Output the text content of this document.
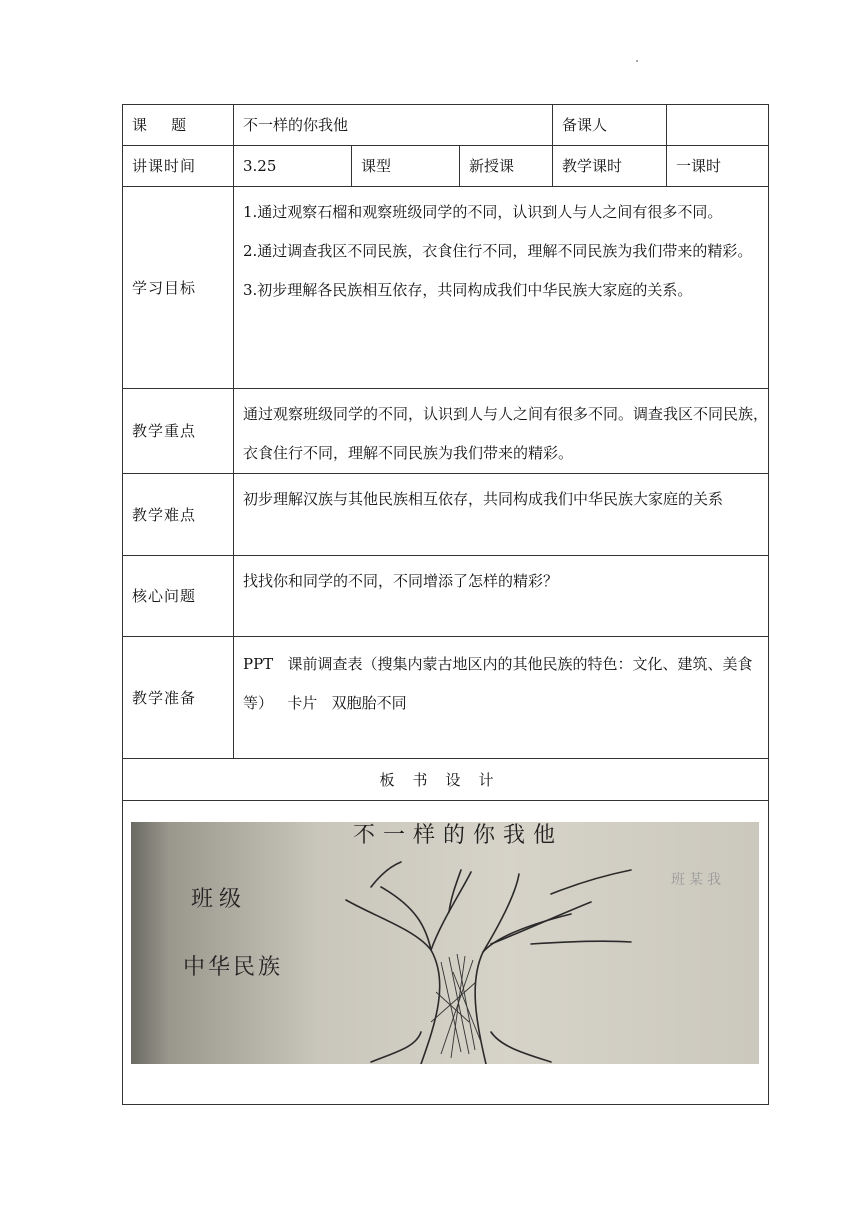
课    题	不一样的你我他			备课人	
讲课时间	3.25	课型	新授课	教学课时	一课时
学习目标	1.通过观察石榴和观察班级同学的不同，认识到人与人之间有很多不同。

2.通过调查我区不同民族，衣食住行不同，理解不同民族为我们带来的精彩。

3.初步理解各民族相互依存，共同构成我们中华民族大家庭的关系。				

教学重点	通过观察班级同学的不同，认识到人与人之间有很多不同。调查我区不同民族，衣食住行不同，理解不同民族为我们带来的精彩。				

教学难点	初步理解汉族与其他民族相互依存，共同构成我们中华民族大家庭的关系				

核心问题	找找你和同学的不同，不同增添了怎样的精彩？				

教学准备	PPT   课前调查表（搜集内蒙古地区内的其他民族的特色：文化、建筑、美食等）   卡片   双胞胎不同				

板书设计					

不一样的你我他
班级
中华民族
班某我					
